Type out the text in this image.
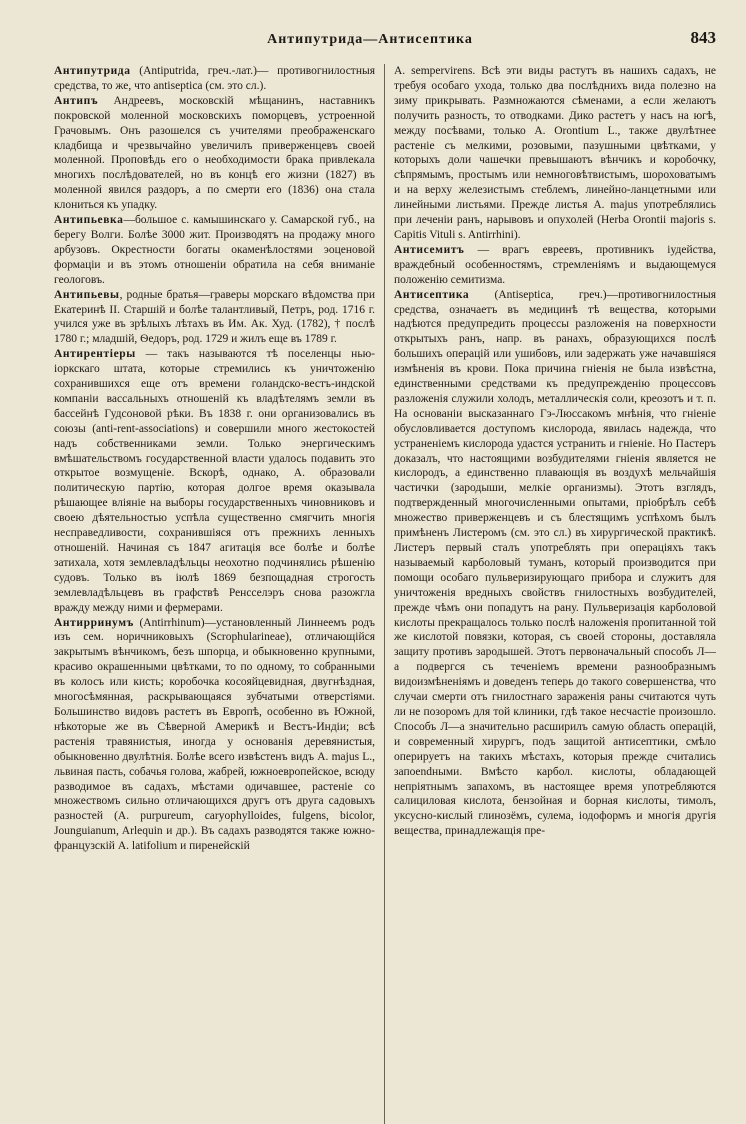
Антипутрида—Антисептика	843

Антипутрида (Antiputrida, греч.-лат.)— противогнилостныя средства, то же, что antiseptica (см. это сл.).

Антипъ Андреевъ, московскій мѣщанинъ, наставникъ покровской моленной московскихъ поморцевъ, устроенной Грачовымъ. Онъ разошелся съ учителями преображенскаго кладбища и чрезвычайно увеличилъ приверженцевъ своей моленной. Проповѣдь его о необходимости брака привлекала многихъ послѣдователей, но въ концѣ его жизни (1827) въ моленной явился раздоръ, а по смерти его (1836) она стала клониться къ упадку.

Антипьевка—большое с. камышинскаго у. Самарской губ., на берегу Волги. Болѣе 3000 жит. Производятъ на продажу много арбузовъ. Окрестности богаты окаменѣлостями эоценовой формаціи и въ этомъ отношеніи обратила на себя вниманіе геологовъ.

Антипьевы, родные братья—граверы морскаго вѣдомства при Екатеринѣ II. Старшій и болѣе талантливый, Петръ, род. 1716 г. учился уже въ зрѣлыхъ лѣтахъ въ Им. Ак. Худ. (1782), † послѣ 1780 г.; младшій, Ѳедоръ, род. 1729 и жилъ еще въ 1789 г.

Антирентіеры — такъ называются тѣ поселенцы нью-iоркскаго штата, которые стремились къ уничтоженію сохранившихся еще отъ времени голандско-вестъ-индской компаніи вассальныхъ отношеній къ владѣтелямъ земли въ бассейнѣ Гудсоновой рѣки. Въ 1838 г. они организовались въ союзы (anti-rent-associations) и совершили много жестокостей надъ собственниками земли. Только энергическимъ вмѣшательствомъ государственной власти удалось подавить это открытое возмущеніе. Вскорѣ, однако, А. образовали политическую партію, которая долгое время оказывала рѣшающее вліяніе на выборы государственныхъ чиновниковъ и своею дѣятельностью успѣла существенно смягчить многія несправедливости, сохранившіяся отъ прежнихъ ленныхъ отношеній. Начиная съ 1847 агитація все болѣе и болѣе затихала, хотя землевладѣльцы неохотно подчинялись рѣшенію судовъ. Только въ іюлѣ 1869 безпощадная строгость землевладѣльцевъ въ графствѣ Ренсселэръ снова разожгла вражду между ними и фермерами.

Антирринумъ (Antirrhinum)—установленный Линнеемъ родъ изъ сем. норичниковыхъ (Scrophularineae), отличающійся закрытымъ вѣнчикомъ, безъ шпорца, и обыкновенно крупными, красиво окрашенными цвѣтками, то по одному, то собранными въ колосъ или кисть; коробочка косояйцевидная, двугнѣздная, многосѣмянная, раскрывающаяся зубчатыми отверстіями. Большинство видовъ растетъ въ Европѣ, особенно въ Южной, нѣкоторые же въ Сѣверной Америкѣ и Вестъ-Индіи; всѣ растенія травянистыя, иногда у основанія деревянистыя, обыкновенно двулѣтнія. Болѣе всего извѣстенъ видъ A. majus L., львиная пасть, собачья голова, жабрей, южноевропейское, всюду разводимое въ садахъ, мѣстами одичавшее, растеніе со множествомъ сильно отличающихся другъ отъ друга садовыхъ разностей (A. purpureum, caryophylloides, fulgens, bicolor, Jounguianum, Arlequin и др.). Въ садахъ разводятся также южно-французскій A. latifolium и пиренейскій

A. sempervirens. Всѣ эти виды растутъ въ нашихъ садахъ, не требуя особаго ухода, только два послѣднихъ вида полезно на зиму прикрывать. Размножаются сѣменами, а если желаютъ получить разность, то отводками. Дико растетъ у насъ на югѣ, между посѣвами, только A. Orontium L., также двулѣтнее растеніе съ мелкими, розовыми, пазушными цвѣтками, у которыхъ доли чашечки превышаютъ вѣнчикъ и коробочку, сѣпрямымъ, простымъ или немноговѣтвистымъ, шороховатымъ и на верху железистымъ стеблемъ, линейно-ланцетными или линейными листьями. Прежде листья A. majus употреблялись при леченіи ранъ, нарывовъ и опухолей (Herba Orontii majoris s. Capitis Vituli s. Antirrhini).

Антисемитъ — врагъ евреевъ, противникъ іудейства, враждебный особенностямъ, стремленіямъ и выдающемуся положенію семитизма.

Антисептика (Antiseptica, греч.)—противогнилостныя средства, означаетъ въ медицинѣ тѣ вещества, которыми надѣются предупредить процессы разложенія на поверхности открытыхъ ранъ, напр. въ ранахъ, образующихся послѣ большихъ операцій или ушибовъ, или задержать уже начавшіяся измѣненія въ крови. Пока причина гніенія не была извѣстна, единственными средствами къ предупрежденію процессовъ разложенія служили холодъ, металлическія соли, креозотъ и т. п. На основаніи высказаннаго Гэ-Люссакомъ мнѣнія, что гніеніе обусловливается доступомъ кислорода, явилась надежда, что устраненіемъ кислорода удастся устранить и гніеніе. Но Пастеръ доказалъ, что настоящими возбудителями гніенія является не кислородъ, а единственно плавающія въ воздухѣ мельчайшія частички (зародыши, мелкіе организмы). Этотъ взглядъ, подтвержденный многочисленными опытами, пріобрѣлъ себѣ множество приверженцевъ и съ блестящимъ успѣхомъ былъ примѣненъ Листеромъ (см. это сл.) въ хирургической практикѣ. Листеръ первый сталъ употреблять при операціяхъ такъ называемый карболовый туманъ, который производится при помощи особаго пульверизирующаго прибора и служитъ для уничтоженія вредныхъ свойствъ гнилостныхъ возбудителей, прежде чѣмъ они попадутъ на рану. Пульверизація карболовой кислоты прекращалось только послѣ наложенія пропитанной той же кислотой повязки, которая, съ своей стороны, доставляла защиту противъ зародышей. Этотъ первоначальный способъ Л—а подвергся съ теченіемъ времени разнообразнымъ видоизмѣненіямъ и доведенъ теперь до такого совершенства, что случаи смерти отъ гнилостнаго зараженія раны считаются чуть ли не позоромъ для той клиники, гдѣ такое несчастіе произошло. Способъ Л—а значительно расширилъ самую область операцій, и современный хирургъ, подъ защитой антисептики, смѣло оперируетъ на такихъ мѣстахъ, которыя прежде считались запоendными. Вмѣсто карбол. кислоты, обладающей непріятнымъ запахомъ, въ настоящее время употребляются салициловая кислота, бензойная и борная кислоты, тимолъ, уксусно-кислый глинозёмъ, сулема, іодоформъ и многія другія вещества, принадлежащія пре-
